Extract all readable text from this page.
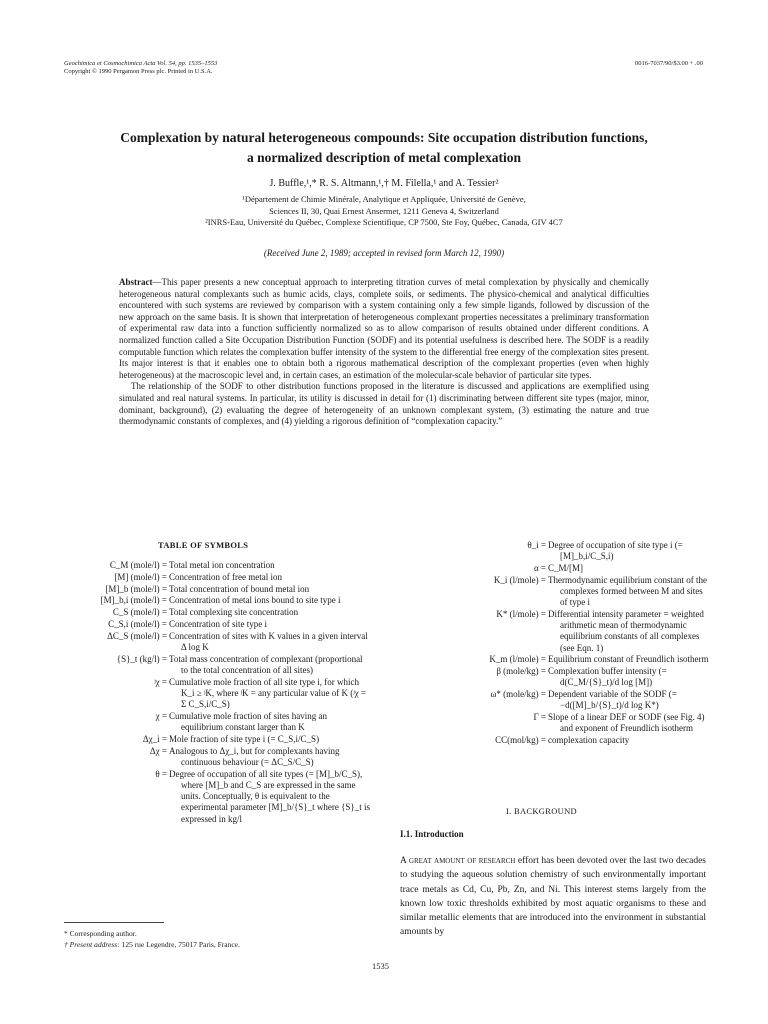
Geochimica et Cosmochimica Acta Vol. 54, pp. 1535–1553
Copyright © 1990 Pergamon Press plc. Printed in U.S.A.
0016-7037/90/$3.00 + .00
Complexation by natural heterogeneous compounds: Site occupation distribution functions,
a normalized description of metal complexation
J. Buffle,¹,* R. S. Altmann,¹,† M. Filella,¹ and A. Tessier²
¹Département de Chimie Minérale, Analytique et Appliquée, Université de Genève,
Sciences II, 30, Quai Ernest Ansermet, 1211 Geneva 4, Switzerland
²INRS-Eau, Université du Québec, Complexe Scientifique, CP 7500, Ste Foy, Québec, Canada, GIV 4C7
(Received June 2, 1989; accepted in revised form March 12, 1990)

Abstract—This paper presents a new conceptual approach to interpreting titration curves of metal complexation by physically and chemically heterogeneous natural complexants such as humic acids, clays, complete soils, or sediments. The physico-chemical and analytical difficulties encountered with such systems are reviewed by comparison with a system containing only a few simple ligands, followed by discussion of the new approach on the same basis. It is shown that interpretation of heterogeneous complexant properties necessitates a preliminary transformation of experimental raw data into a function sufficiently normalized so as to allow comparison of results obtained under different conditions. A normalized function called a Site Occupation Distribution Function (SODF) and its potential usefulness is described here. The SODF is a readily computable function which relates the complexation buffer intensity of the system to the differential free energy of the complexation sites present. Its major interest is that it enables one to obtain both a rigorous mathematical description of the complexant properties (even when highly heterogeneous) at the macroscopic level and, in certain cases, an estimation of the molecular-scale behavior of particular site types.

The relationship of the SODF to other distribution functions proposed in the literature is discussed and applications are exemplified using simulated and real natural systems. In particular, its utility is discussed in detail for (1) discriminating between different site types (major, minor, dominant, background), (2) evaluating the degree of heterogeneity of an unknown complexant system, (3) estimating the nature and true thermodynamic constants of complexes, and (4) yielding a rigorous definition of “complexation capacity.”

TABLE OF SYMBOLS
C_M (mole/l) = Total metal ion concentration
[M] (mole/l) = Concentration of free metal ion
[M]_b (mole/l) = Total concentration of bound metal ion
[M]_b,i (mole/l) = Concentration of metal ions bound to site type i
C_S (mole/l) = Total complexing site concentration
C_S,i (mole/l) = Concentration of site type i
ΔC_S (mole/l) = Concentration of sites with K values in a given interval Δ log K
{S}_t (kg/l) = Total mass concentration of complexant (proportional to the total concentration of all sites)
ʲχ = Cumulative mole fraction of all site type i, for which K_i ≥ ʲK, where ʲK = any particular value of K (ʲχ = Σ C_S,i/C_S)
χ = Cumulative mole fraction of sites having an equilibrium constant larger than K
Δχ_i = Mole fraction of site type i (= C_S,i/C_S)
Δχ = Analogous to Δχ_i, but for complexants having continuous behaviour (= ΔC_S/C_S)
θ = Degree of occupation of all site types (= [M]_b/C_S), where [M]_b and C_S are expressed in the same units. Conceptually, θ is equivalent to the experimental parameter [M]_b/{S}_t where {S}_t is expressed in kg/l
θ_i = Degree of occupation of site type i (= [M]_b,i/C_S,i)
α = C_M/[M]
K_i (l/mole) = Thermodynamic equilibrium constant of the complexes formed between M and sites of type i
K* (l/mole) = Differential intensity parameter = weighted arithmetic mean of thermodynamic equilibrium constants of all complexes (see Eqn. 1)
K_m (l/mole) = Equilibrium constant of Freundlich isotherm
β (mole/kg) = Complexation buffer intensity (= d(C_M/{S}_t)/d log [M])
ω* (mole/kg) = Dependent variable of the SODF (= −d([M]_b/{S}_t)/d log K*)
Γ = Slope of a linear DEF or SODF (see Fig. 4) and exponent of Freundlich isotherm
CC(mol/kg) = complexation capacity
* Corresponding author.
† Present address: 125 rue Legendre, 75017 Paris, France.
I. BACKGROUND
I.1. Introduction
A great amount of research effort has been devoted over the last two decades to studying the aqueous solution chemistry of such environmentally important trace metals as Cd, Cu, Pb, Zn, and Ni. This interest stems largely from the known low toxic thresholds exhibited by most aquatic organisms to these and similar metallic elements that are introduced into the environment in substantial amounts by
1535
